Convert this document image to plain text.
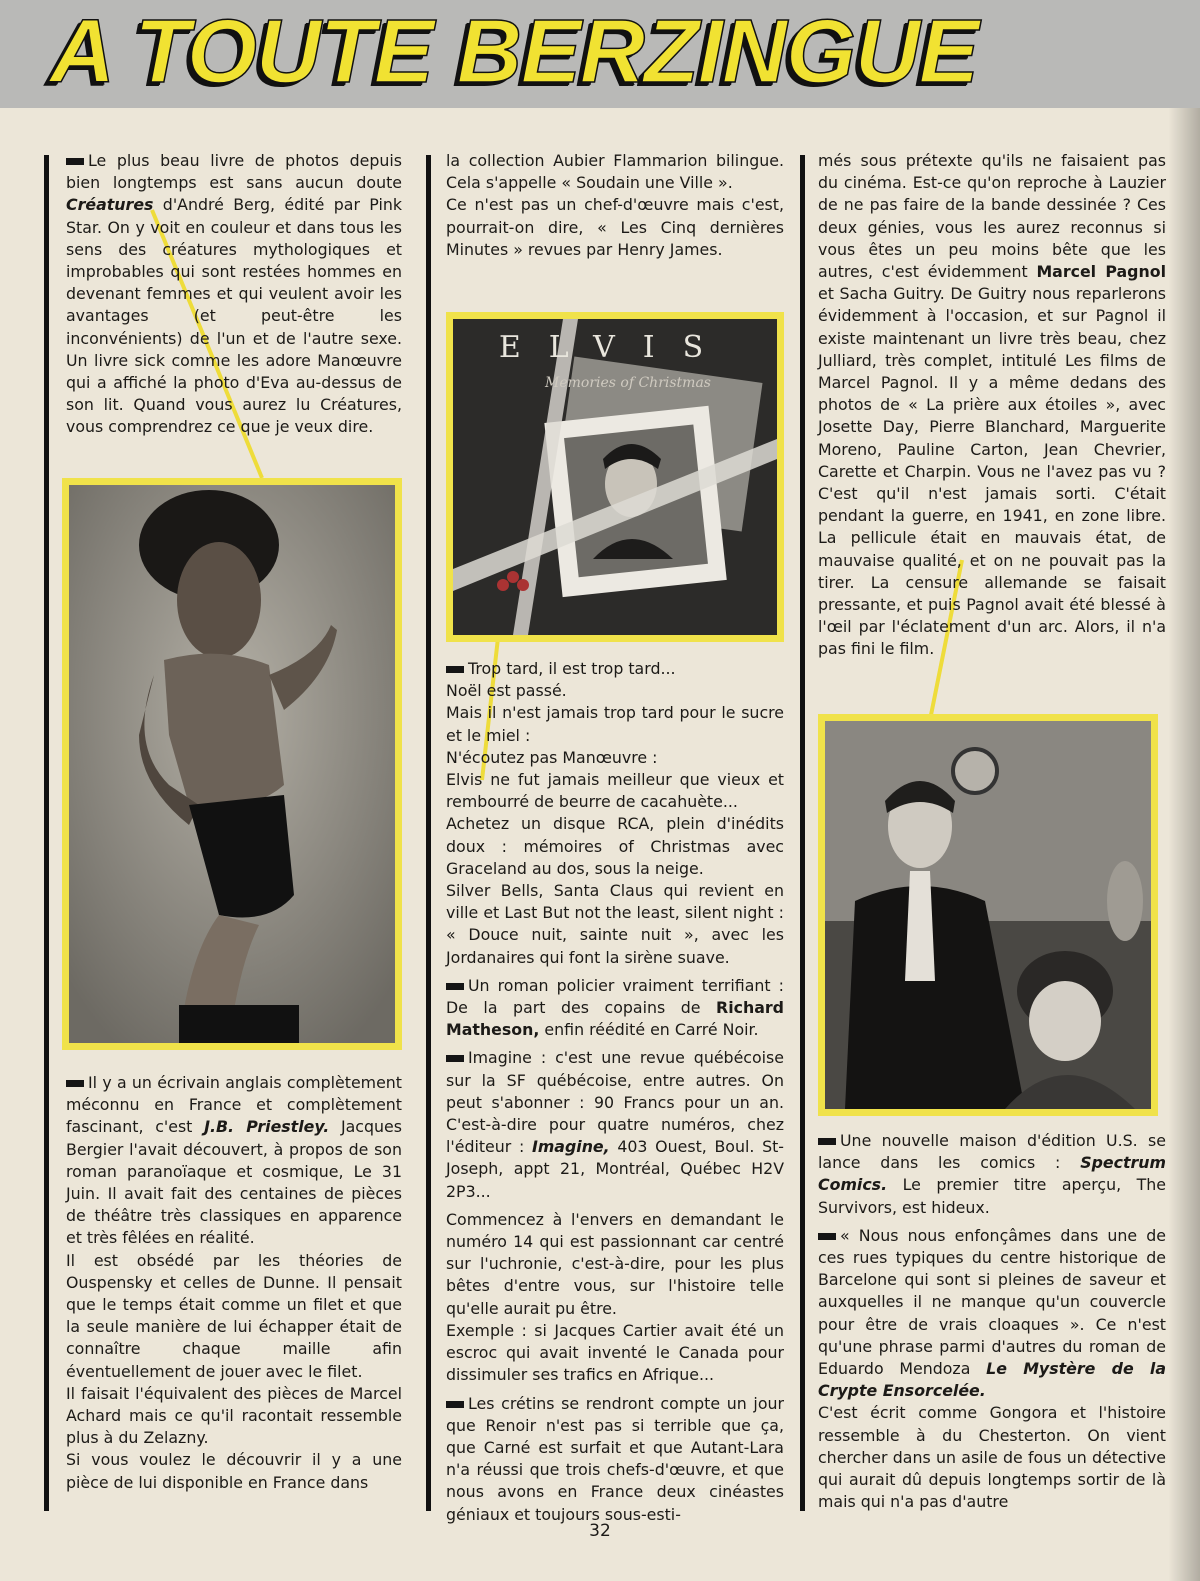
A TOUTE BERZINGUE

Le plus beau livre de photos depuis bien longtemps est sans aucun doute Créatures d'André Berg, édité par Pink Star. On y voit en couleur et dans tous les sens des créatures mythologiques et improbables qui sont restées hommes en devenant femmes et qui veulent avoir les avantages (et peut-être les inconvénients) de l'un et de l'autre sexe. Un livre sick comme les adore Manœuvre qui a affiché la photo d'Eva au-dessus de son lit. Quand vous aurez lu Créatures, vous comprendrez ce que je veux dire.

Il y a un écrivain anglais complètement méconnu en France et complètement fascinant, c'est J.B. Priestley. Jacques Bergier l'avait découvert, à propos de son roman paranoïaque et cosmique, Le 31 Juin. Il avait fait des centaines de pièces de théâtre très classiques en apparence et très fêlées en réalité.

Il est obsédé par les théories de Ouspensky et celles de Dunne. Il pensait que le temps était comme un filet et que la seule manière de lui échapper était de connaître chaque maille afin éventuellement de jouer avec le filet.

Il faisait l'équivalent des pièces de Marcel Achard mais ce qu'il racontait ressemble plus à du Zelazny.

Si vous voulez le découvrir il y a une pièce de lui disponible en France dans

la collection Aubier Flammarion bilingue. Cela s'appelle « Soudain une Ville ».

Ce n'est pas un chef-d'œuvre mais c'est, pourrait-on dire, « Les Cinq dernières Minutes » revues par Henry James.

ELVIS
Memories of Christmas

Trop tard, il est trop tard...

Noël est passé.

Mais il n'est jamais trop tard pour le sucre et le miel :

N'écoutez pas Manœuvre :

Elvis ne fut jamais meilleur que vieux et rembourré de beurre de cacahuète...

Achetez un disque RCA, plein d'inédits doux : mémoires of Christmas avec Graceland au dos, sous la neige.

Silver Bells, Santa Claus qui revient en ville et Last But not the least, silent night : « Douce nuit, sainte nuit », avec les Jordanaires qui font la sirène suave.

Un roman policier vraiment terrifiant : De la part des copains de Richard Matheson, enfin réédité en Carré Noir.

Imagine : c'est une revue québécoise sur la SF québécoise, entre autres. On peut s'abonner : 90 Francs pour un an. C'est-à-dire pour quatre numéros, chez l'éditeur : Imagine, 403 Ouest, Boul. St-Joseph, appt 21, Montréal, Québec H2V 2P3...

Commencez à l'envers en demandant le numéro 14 qui est passionnant car centré sur l'uchronie, c'est-à-dire, pour les plus bêtes d'entre vous, sur l'histoire telle qu'elle aurait pu être.

Exemple : si Jacques Cartier avait été un escroc qui avait inventé le Canada pour dissimuler ses trafics en Afrique...

Les crétins se rendront compte un jour que Renoir n'est pas si terrible que ça, que Carné est surfait et que Autant-Lara n'a réussi que trois chefs-d'œuvre, et que nous avons en France deux cinéastes géniaux et toujours sous-esti-

més sous prétexte qu'ils ne faisaient pas du cinéma. Est-ce qu'on reproche à Lauzier de ne pas faire de la bande dessinée ? Ces deux génies, vous les aurez reconnus si vous êtes un peu moins bête que les autres, c'est évidemment Marcel Pagnol et Sacha Guitry. De Guitry nous reparlerons évidemment à l'occasion, et sur Pagnol il existe maintenant un livre très beau, chez Julliard, très complet, intitulé Les films de Marcel Pagnol. Il y a même dedans des photos de « La prière aux étoiles », avec Josette Day, Pierre Blanchard, Marguerite Moreno, Pauline Carton, Jean Chevrier, Carette et Charpin. Vous ne l'avez pas vu ? C'est qu'il n'est jamais sorti. C'était pendant la guerre, en 1941, en zone libre. La pellicule était en mauvais état, de mauvaise qualité, et on ne pouvait pas la tirer. La censure allemande se faisait pressante, et puis Pagnol avait été blessé à l'œil par l'éclatement d'un arc. Alors, il n'a pas fini le film.

Une nouvelle maison d'édition U.S. se lance dans les comics : Spectrum Comics. Le premier titre aperçu, The Survivors, est hideux.

« Nous nous enfonçâmes dans une de ces rues typiques du centre historique de Barcelone qui sont si pleines de saveur et auxquelles il ne manque qu'un couvercle pour être de vrais cloaques ». Ce n'est qu'une phrase parmi d'autres du roman de Eduardo Mendoza Le Mystère de la Crypte Ensorcelée.

C'est écrit comme Gongora et l'histoire ressemble à du Chesterton. On vient chercher dans un asile de fous un détective qui aurait dû depuis longtemps sortir de là mais qui n'a pas d'autre

32
